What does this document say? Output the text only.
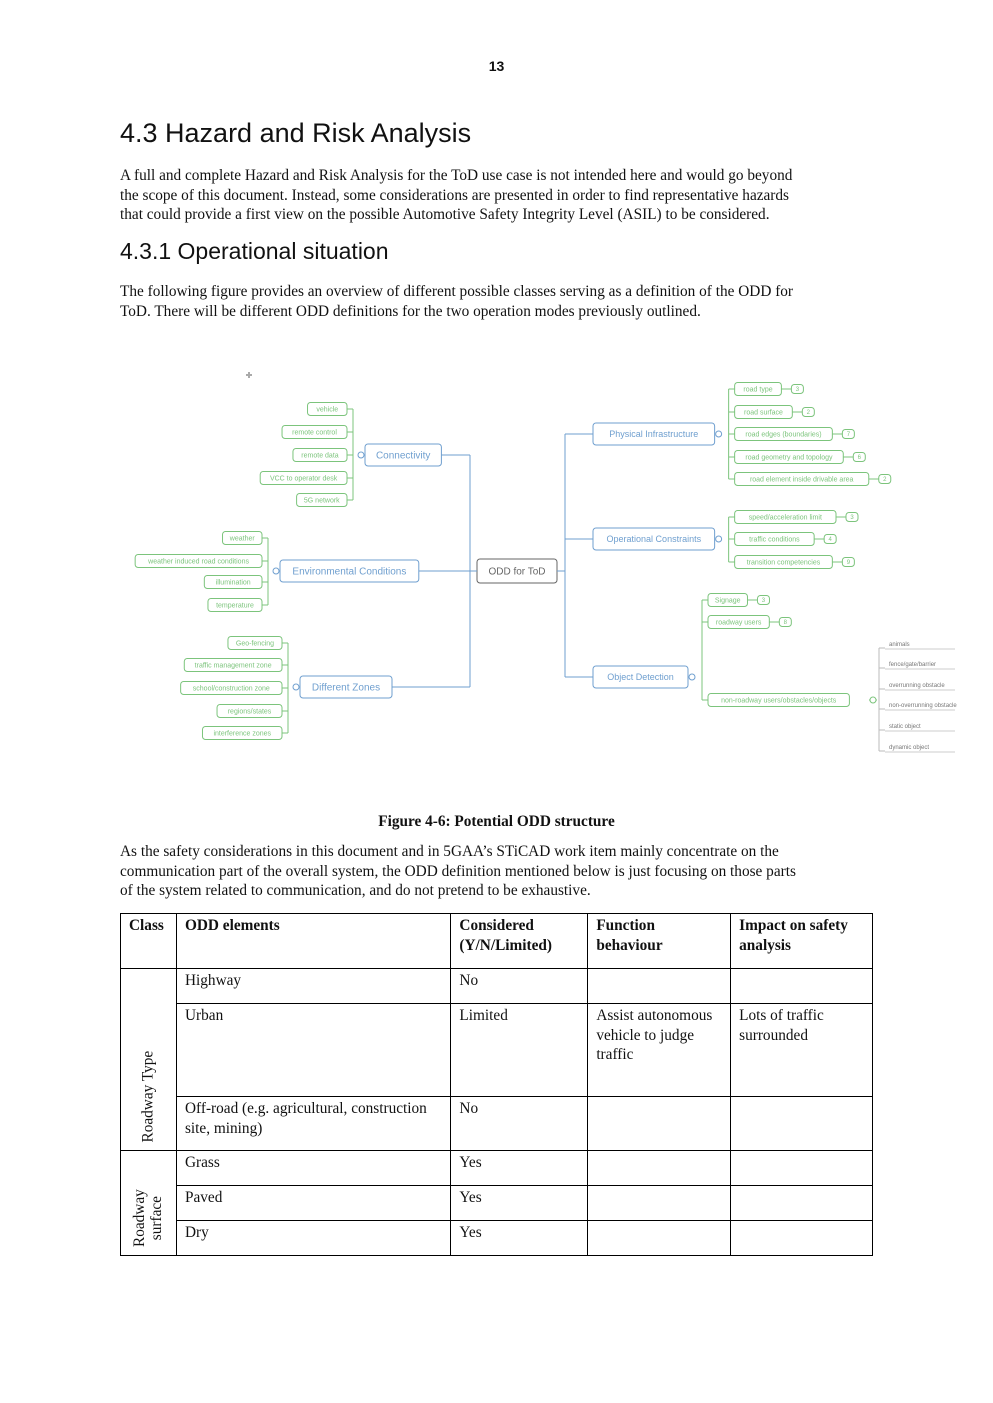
13
4.3 Hazard and Risk Analysis

A full and complete Hazard and Risk Analysis for the ToD use case is not intended here and would go beyond
the scope of this document. Instead, some considerations are presented in order to find representative hazards
that could provide a first view on the possible Automotive Safety Integrity Level (ASIL) to be considered.

4.3.1 Operational situation

The following figure provides an overview of different possible classes serving as a definition of the ODD for
ToD. There will be different ODD definitions for the two operation modes previously outlined.

ODD for ToD
Connectivity
vehicle
remote control
remote data
VCC to operator desk
5G network
Environmental Conditions
weather
weather induced road conditions
illumination
temperature
Different Zones
Geo-fencing
traffic management zone
school/construction zone
regions/states
interference zones
Physical Infrastructure
road type	3
road surface	2
road edges (boundaries)	7
road geometry and topology	6
road element inside drivable area	2
Operational Constraints
speed/acceleration limit	3
traffic conditions	4
transition competencies	9
Object Detection
Signage	3
roadway users	8
non-roadway users/obstacles/objects
animals
fence/gate/barrier
overrunning obstacle
non-overrunning obstacle
static object
dynamic object
Figure 4-6: Potential ODD structure

As the safety considerations in this document and in 5GAA’s STiCAD work item mainly concentrate on the
communication part of the overall system, the ODD definition mentioned below is just focusing on those parts
of the system related to communication, and do not pretend to be exhaustive.

Class	ODD elements	Considered (Y/N/Limited)	Function behaviour	Impact on safety analysis

Roadway Type	Highway	No		
	Urban	Limited	Assist autonomous vehicle to judge traffic	Lots of traffic surrounded
	Off-road (e.g. agricultural, construction site, mining)	No		

Roadway
surface	Grass	Yes		
	Paved	Yes		
	Dry	Yes		
